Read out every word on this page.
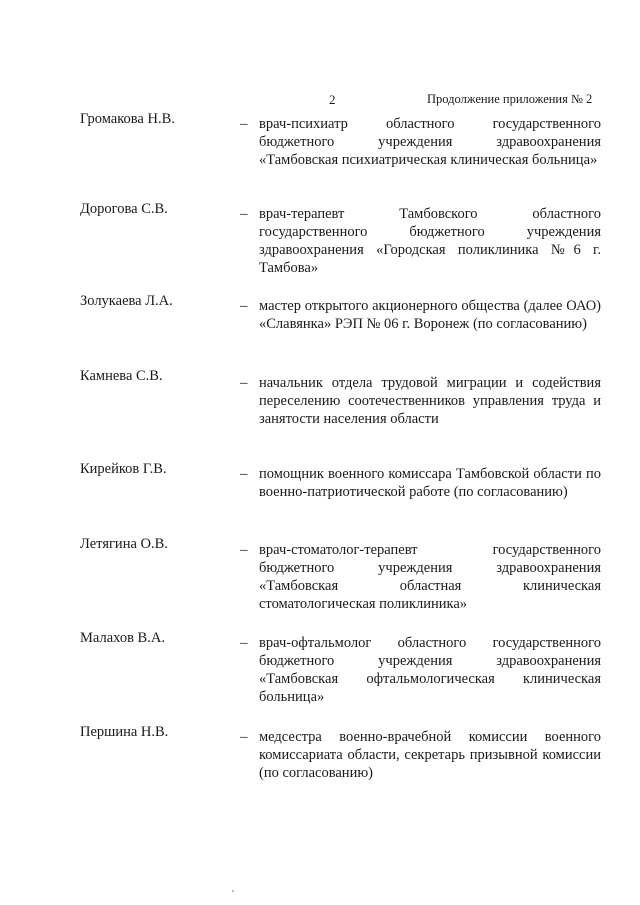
2	Продолжение приложения № 2
Громакова Н.В.	– врач-психиатр областного государственного бюджетного учреждения здравоохранения «Тамбовская психиатрическая клиническая больница»
Дорогова С.В.	– врач-терапевт Тамбовского областного государственного бюджетного учреждения здравоохранения «Городская поликлиника №6 г. Тамбова»
Золукаева Л.А.	– мастер открытого акционерного общества (далее ОАО) «Славянка» РЭП № 06 г. Воронеж (по согласованию)
Камнева С.В.	– начальник отдела трудовой миграции и содействия переселению соотечественников управления труда и занятости населения области
Кирейков Г.В.	– помощник военного комиссара Тамбовской области по военно-патриотической работе (по согласованию)
Летягина О.В.	– врач-стоматолог-терапевт государственного бюджетного учреждения здравоохранения «Тамбовская областная клиническая стоматологическая поликлиника»
Малахов В.А.	– врач-офтальмолог областного государственного бюджетного учреждения здравоохранения «Тамбовская офтальмологическая клиническая больница»
Першина Н.В.	– медсестра военно-врачебной комиссии военного комиссариата области, секретарь призывной комиссии (по согласованию)
